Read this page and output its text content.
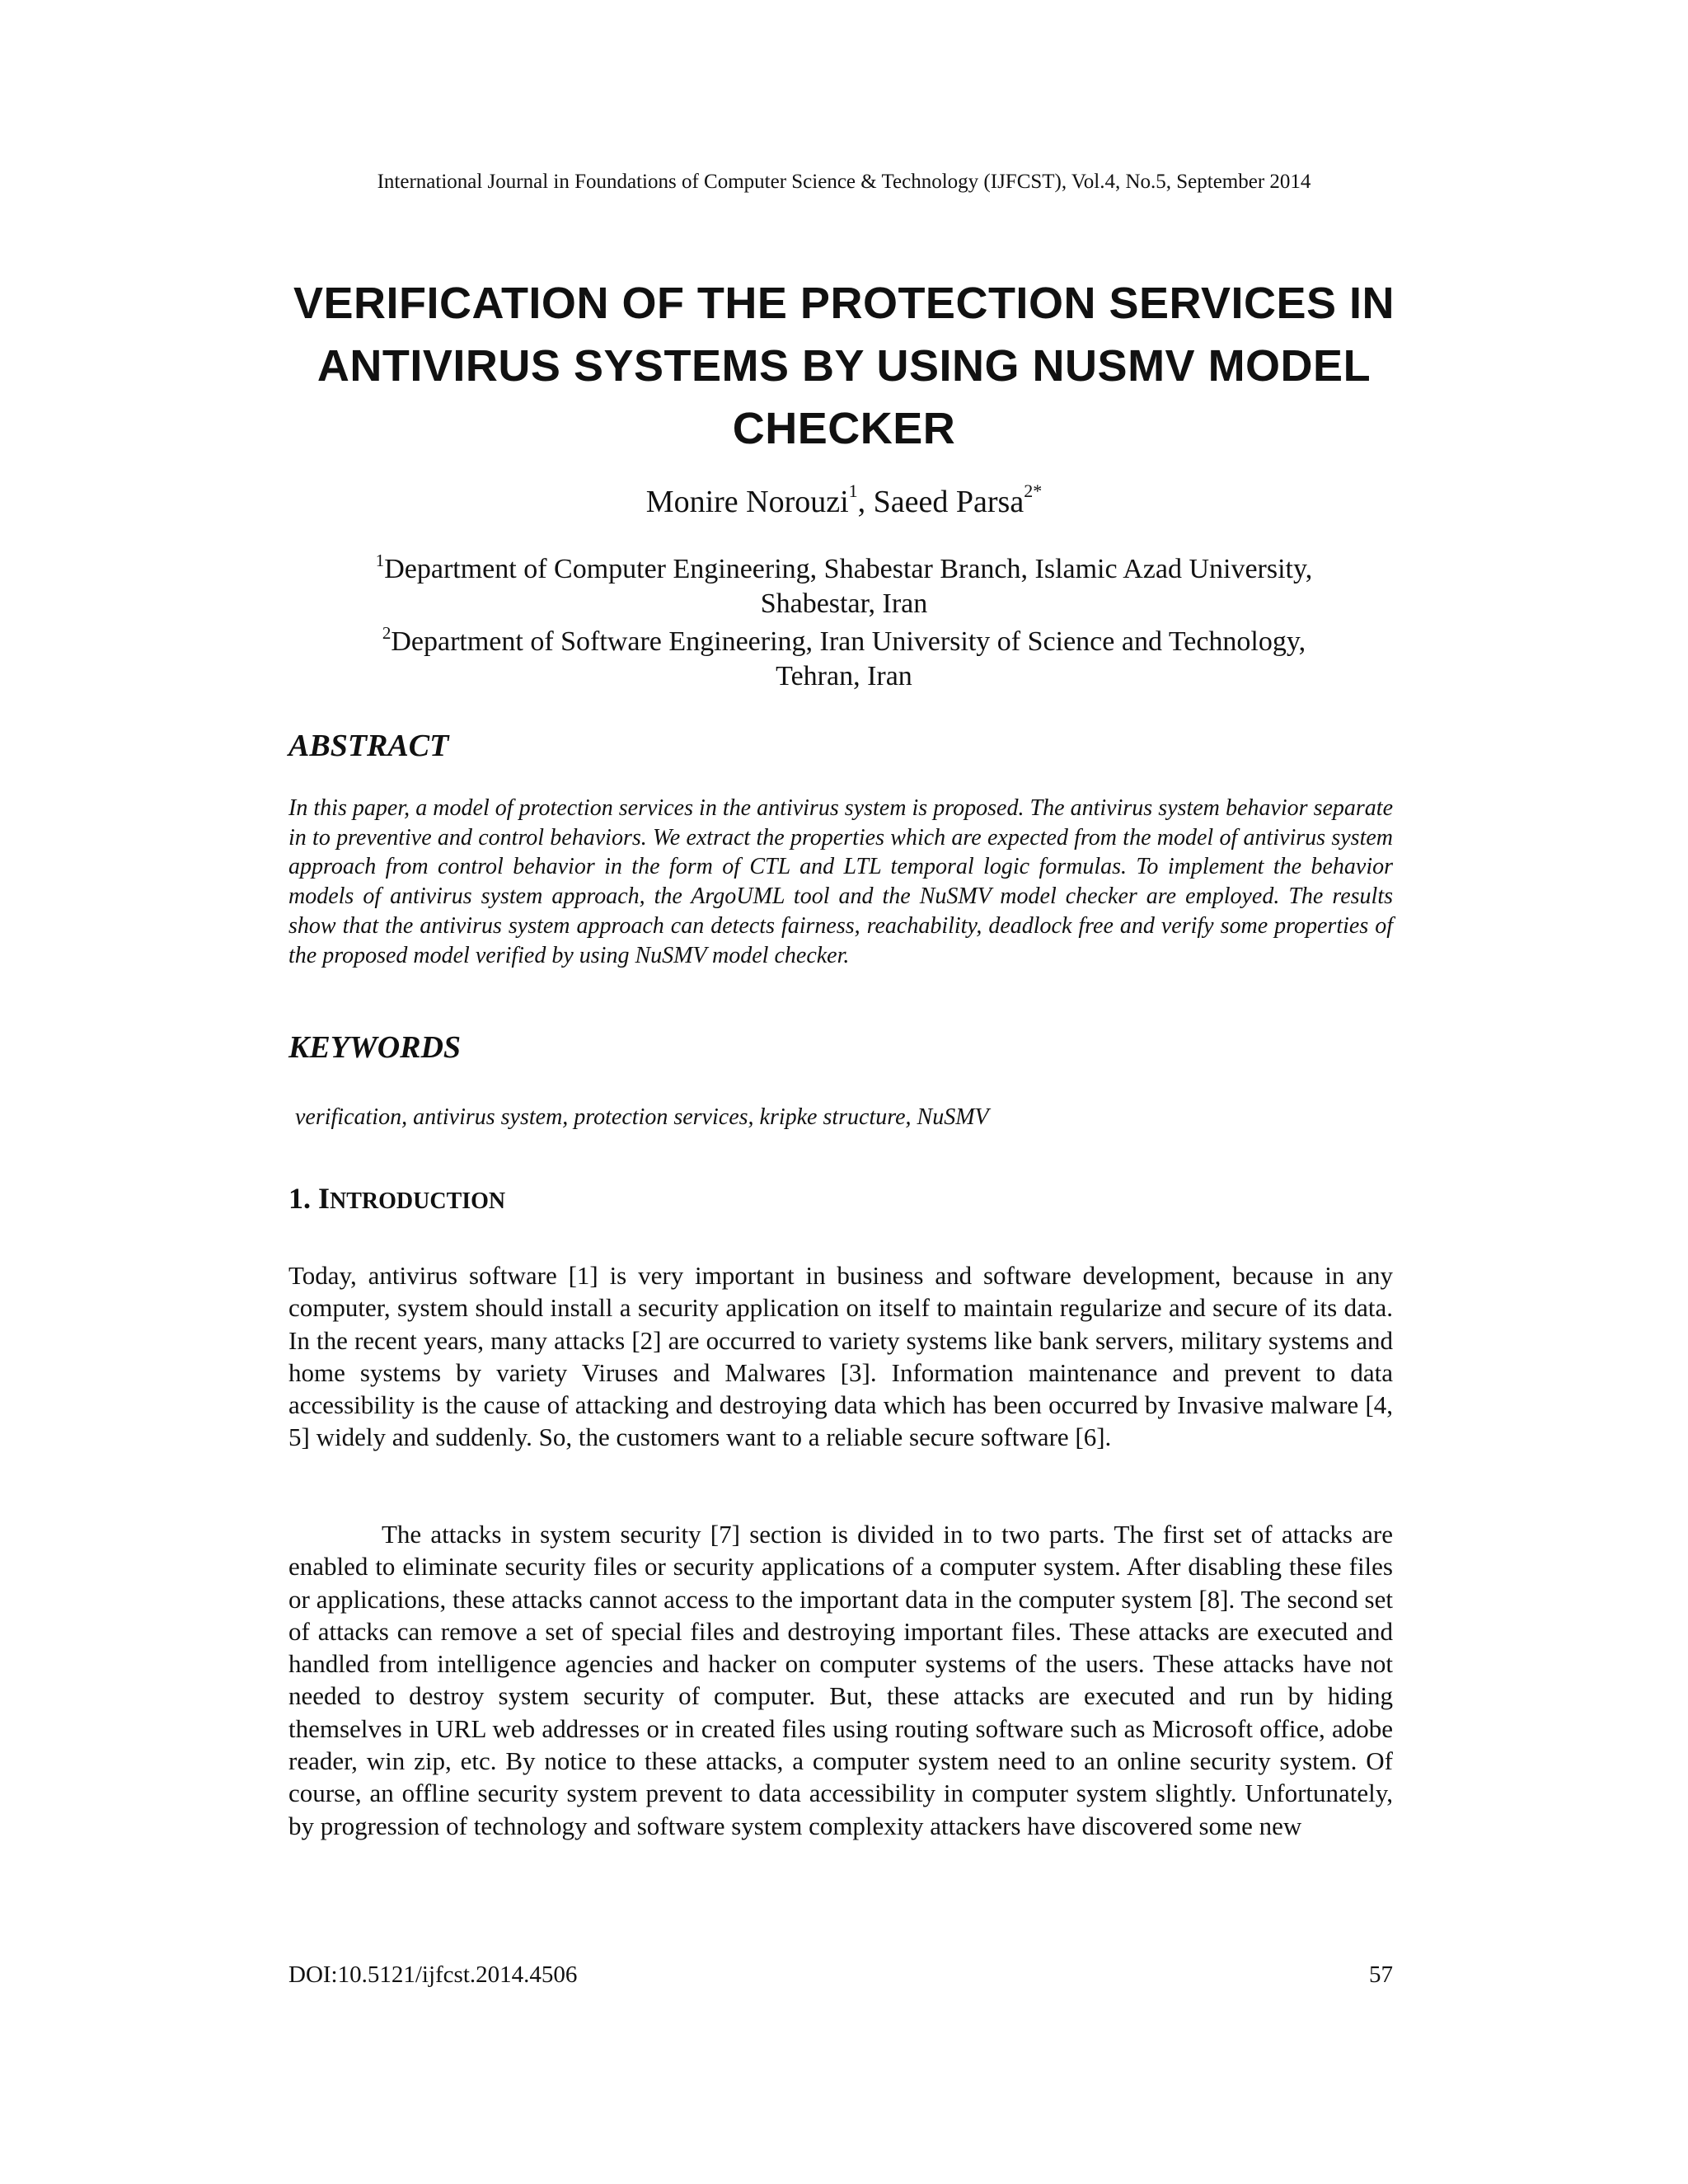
International Journal in Foundations of Computer Science & Technology (IJFCST), Vol.4, No.5, September 2014
VERIFICATION OF THE PROTECTION SERVICES IN
ANTIVIRUS SYSTEMS BY USING NUSMV MODEL
CHECKER
Monire Norouzi$^1$, Saeed Parsa$^{2*}$
$^1$Department of Computer Engineering, Shabestar Branch, Islamic Azad University,
Shabestar, Iran
$^2$Department of Software Engineering, Iran University of Science and Technology,
Tehran, Iran
ABSTRACT
In this paper, a model of protection services in the antivirus system is proposed. The antivirus system behavior separate in to preventive and control behaviors. We extract the properties which are expected from the model of antivirus system approach from control behavior in the form of CTL and LTL temporal logic formulas. To implement the behavior models of antivirus system approach, the ArgoUML tool and the NuSMV model checker are employed. The results show that the antivirus system approach can detects fairness, reachability, deadlock free and verify some properties of the proposed model verified by using NuSMV model checker.
KEYWORDS
verification, antivirus system, protection services, kripke structure, NuSMV
1. INTRODUCTION
Today, antivirus software [1] is very important in business and software development, because in any computer, system should install a security application on itself to maintain regularize and secure of its data. In the recent years, many attacks [2] are occurred to variety systems like bank servers, military systems and home systems by variety Viruses and Malwares [3]. Information maintenance and prevent to data accessibility is the cause of attacking and destroying data which has been occurred by Invasive malware [4, 5] widely and suddenly. So, the customers want to a reliable secure software [6].
The attacks in system security [7] section is divided in to two parts. The first set of attacks are enabled to eliminate security files or security applications of a computer system. After disabling these files or applications, these attacks cannot access to the important data in the computer system [8]. The second set of attacks can remove a set of special files and destroying important files. These attacks are executed and handled from intelligence agencies and hacker on computer systems of the users. These attacks have not needed to destroy system security of computer. But, these attacks are executed and run by hiding themselves in URL web addresses or in created files using routing software such as Microsoft office, adobe reader, win zip, etc. By notice to these attacks, a computer system need to an online security system. Of course, an offline security system prevent to data accessibility in computer system slightly. Unfortunately, by progression of technology and software system complexity attackers have discovered some new
DOI:10.5121/ijfcst.2014.4506	57
